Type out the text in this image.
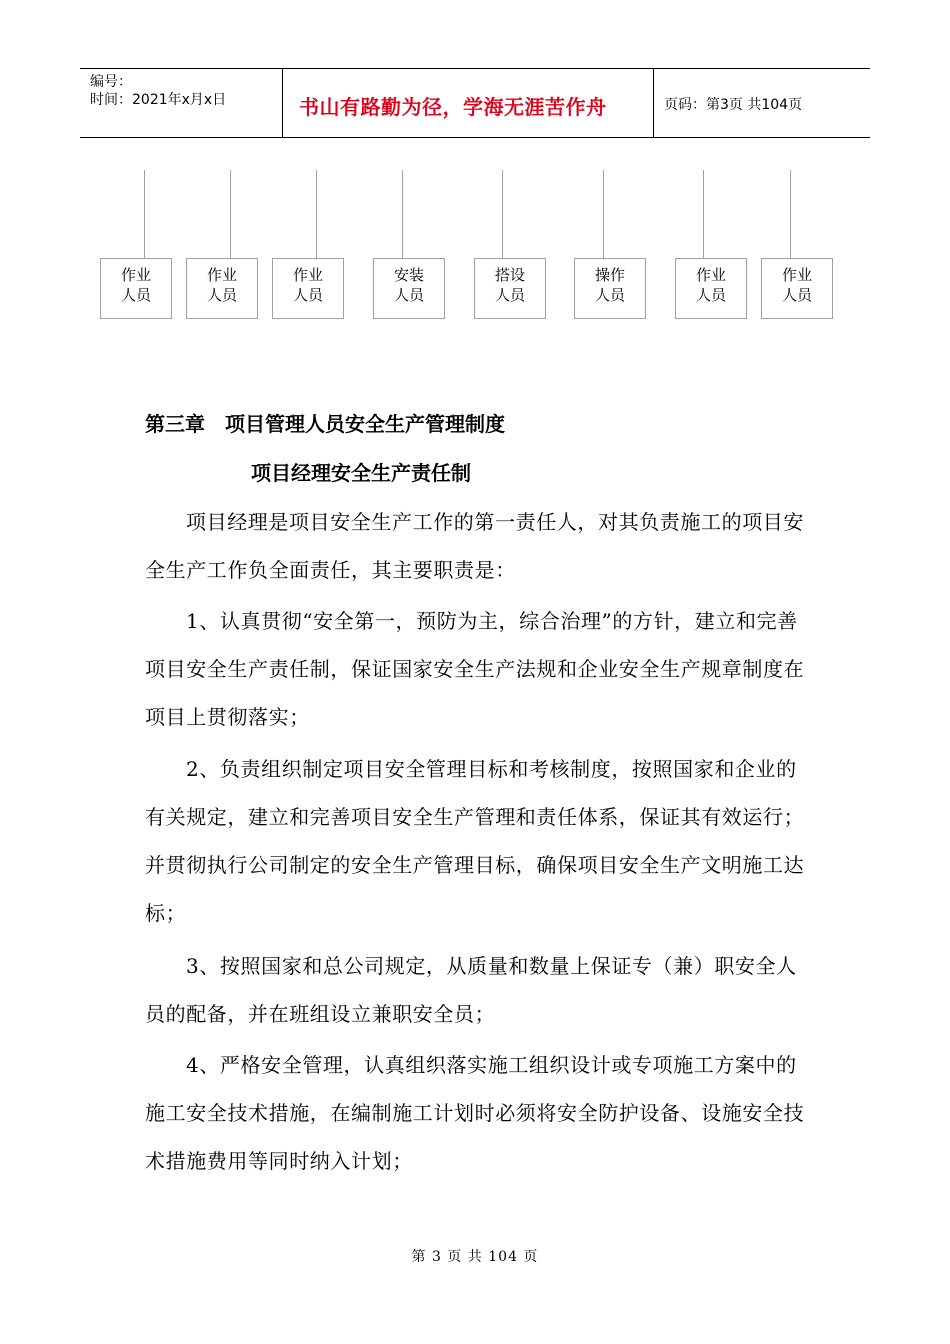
编号：
时间：2021年x月x日	书山有路勤为径，学海无涯苦作舟	页码：第3页 共104页
作业
人员
作业
人员
作业
人员
安装
人员
搭设
人员
操作
人员
作业
人员
作业
人员
第三章　项目管理人员安全生产管理制度
项目经理安全生产责任制
项目经理是项目安全生产工作的第一责任人，对其负责施工的项目安全生产工作负全面责任，其主要职责是：
1、认真贯彻“安全第一，预防为主，综合治理”的方针，建立和完善项目安全生产责任制，保证国家安全生产法规和企业安全生产规章制度在项目上贯彻落实；
2、负责组织制定项目安全管理目标和考核制度，按照国家和企业的有关规定，建立和完善项目安全生产管理和责任体系，保证其有效运行；并贯彻执行公司制定的安全生产管理目标，确保项目安全生产文明施工达标；
3、按照国家和总公司规定，从质量和数量上保证专（兼）职安全人员的配备，并在班组设立兼职安全员；
4、严格安全管理，认真组织落实施工组织设计或专项施工方案中的施工安全技术措施，在编制施工计划时必须将安全防护设备、设施安全技术措施费用等同时纳入计划；
第 3 页 共 104 页
